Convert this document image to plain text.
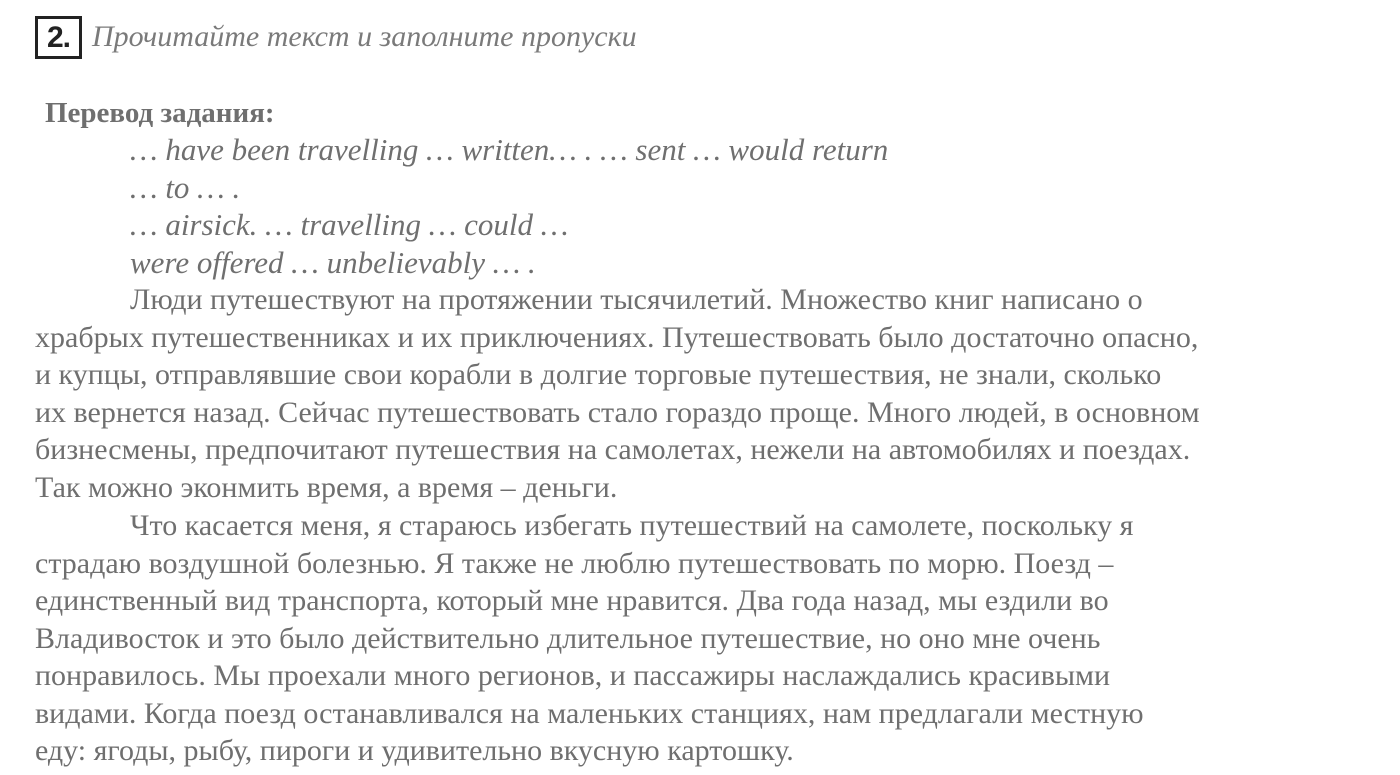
2. Прочитайте текст и заполните пропуски
Перевод задания:
… have been travelling … written… . … sent … would return
… to … .
… airsick. … travelling … could …
were offered … unbelievably … .
Люди путешествуют на протяжении тысячилетий. Множество книг написано о
храбрых путешественниках и их приключениях. Путешествовать было достаточно опасно,
и купцы, отправлявшие свои корабли в долгие торговые путешествия, не знали, сколько
их вернется назад. Сейчас путешествовать стало гораздо проще. Много людей, в основном
бизнесмены, предпочитают путешествия на самолетах, нежели на автомобилях и поездах.
Так можно эконмить время, а время – деньги.
Что касается меня, я стараюсь избегать путешествий на самолете, поскольку я
страдаю воздушной болезнью. Я также не люблю путешествовать по морю. Поезд –
единственный вид транспорта, который мне нравится. Два года назад, мы ездили во
Владивосток и это было действительно длительное путешествие, но оно мне очень
понравилось. Мы проехали много регионов, и пассажиры наслаждались красивыми
видами. Когда поезд останавливался на маленьких станциях, нам предлагали местную
еду: ягоды, рыбу, пироги и удивительно вкусную картошку.
